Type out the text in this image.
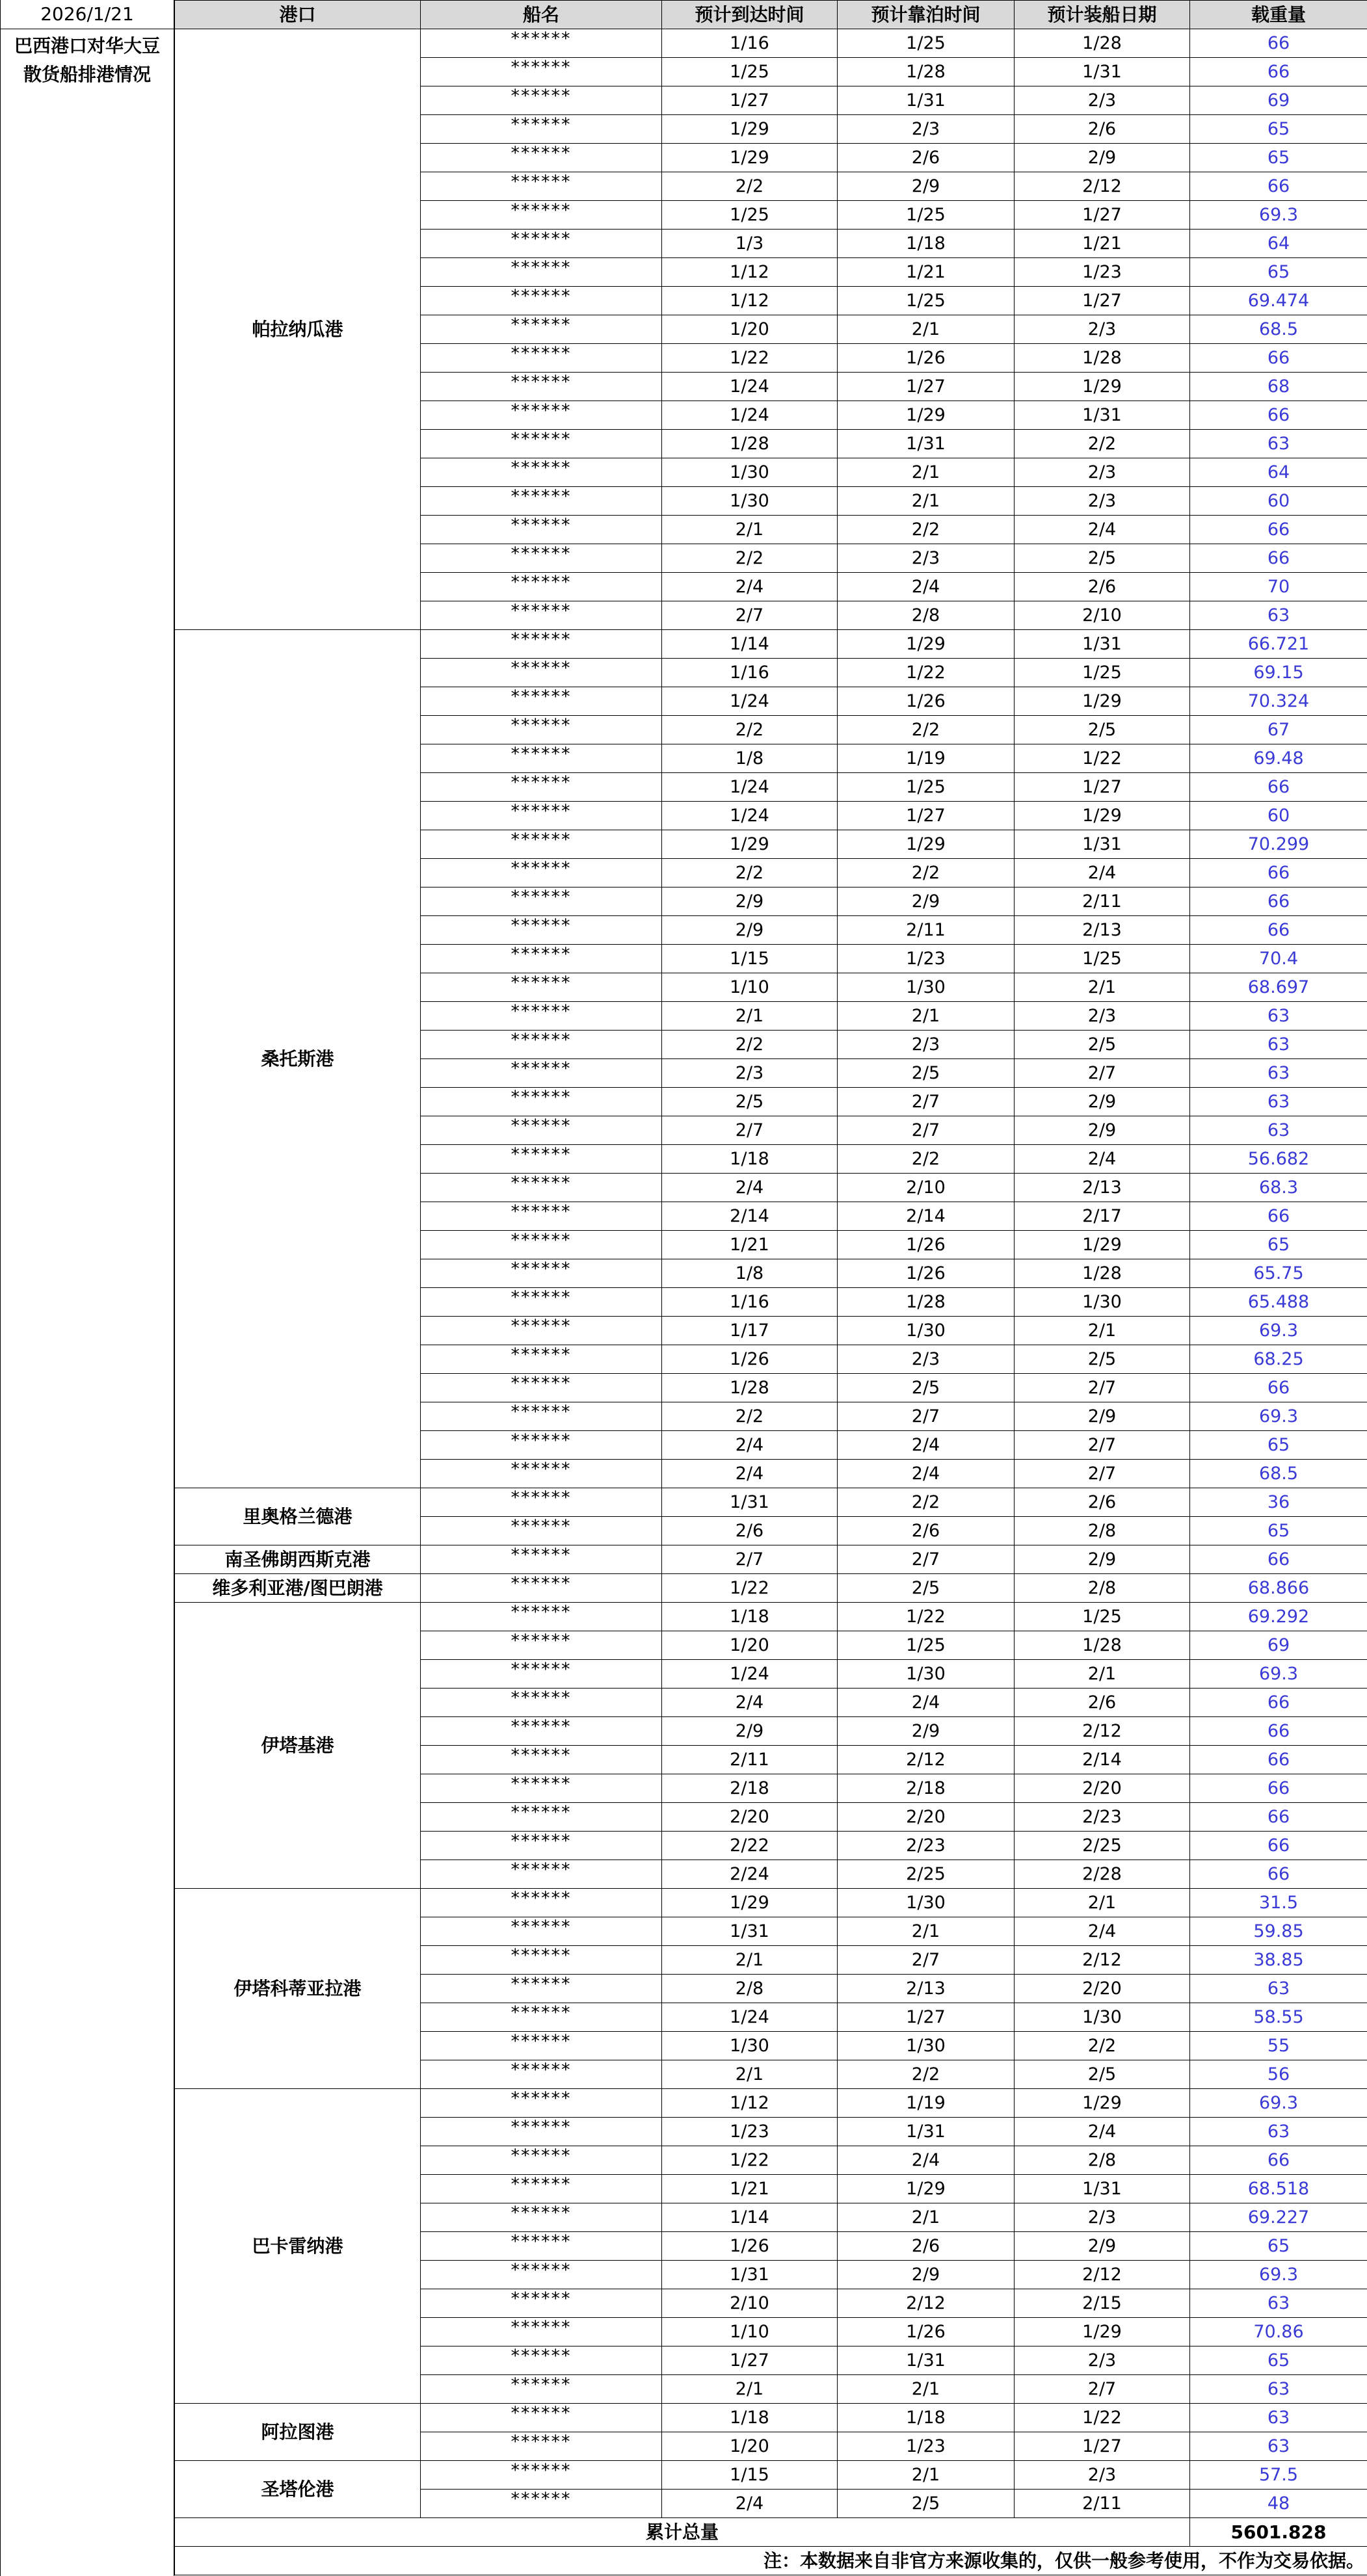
2026/1/21
巴西港口对华大豆
散货船排港情况
港口	船名	预计到达时间	预计靠泊时间	预计装船日期	载重量
帕拉纳瓜港	******	1/16	1/25	1/28	66
	******	1/25	1/28	1/31	66
	******	1/27	1/31	2/3	69
	******	1/29	2/3	2/6	65
	******	1/29	2/6	2/9	65
	******	2/2	2/9	2/12	66
	******	1/25	1/25	1/27	69.3
	******	1/3	1/18	1/21	64
	******	1/12	1/21	1/23	65
	******	1/12	1/25	1/27	69.474
	******	1/20	2/1	2/3	68.5
	******	1/22	1/26	1/28	66
	******	1/24	1/27	1/29	68
	******	1/24	1/29	1/31	66
	******	1/28	1/31	2/2	63
	******	1/30	2/1	2/3	64
	******	1/30	2/1	2/3	60
	******	2/1	2/2	2/4	66
	******	2/2	2/3	2/5	66
	******	2/4	2/4	2/6	70
	******	2/7	2/8	2/10	63
桑托斯港	******	1/14	1/29	1/31	66.721
	******	1/16	1/22	1/25	69.15
	******	1/24	1/26	1/29	70.324
	******	2/2	2/2	2/5	67
	******	1/8	1/19	1/22	69.48
	******	1/24	1/25	1/27	66
	******	1/24	1/27	1/29	60
	******	1/29	1/29	1/31	70.299
	******	2/2	2/2	2/4	66
	******	2/9	2/9	2/11	66
	******	2/9	2/11	2/13	66
	******	1/15	1/23	1/25	70.4
	******	1/10	1/30	2/1	68.697
	******	2/1	2/1	2/3	63
	******	2/2	2/3	2/5	63
	******	2/3	2/5	2/7	63
	******	2/5	2/7	2/9	63
	******	2/7	2/7	2/9	63
	******	1/18	2/2	2/4	56.682
	******	2/4	2/10	2/13	68.3
	******	2/14	2/14	2/17	66
	******	1/21	1/26	1/29	65
	******	1/8	1/26	1/28	65.75
	******	1/16	1/28	1/30	65.488
	******	1/17	1/30	2/1	69.3
	******	1/26	2/3	2/5	68.25
	******	1/28	2/5	2/7	66
	******	2/2	2/7	2/9	69.3
	******	2/4	2/4	2/7	65
	******	2/4	2/4	2/7	68.5
里奥格兰德港	******	1/31	2/2	2/6	36
	******	2/6	2/6	2/8	65
南圣佛朗西斯克港	******	2/7	2/7	2/9	66
维多利亚港/图巴朗港	******	1/22	2/5	2/8	68.866
伊塔基港	******	1/18	1/22	1/25	69.292
	******	1/20	1/25	1/28	69
	******	1/24	1/30	2/1	69.3
	******	2/4	2/4	2/6	66
	******	2/9	2/9	2/12	66
	******	2/11	2/12	2/14	66
	******	2/18	2/18	2/20	66
	******	2/20	2/20	2/23	66
	******	2/22	2/23	2/25	66
	******	2/24	2/25	2/28	66
伊塔科蒂亚拉港	******	1/29	1/30	2/1	31.5
	******	1/31	2/1	2/4	59.85
	******	2/1	2/7	2/12	38.85
	******	2/8	2/13	2/20	63
	******	1/24	1/27	1/30	58.55
	******	1/30	1/30	2/2	55
	******	2/1	2/2	2/5	56
巴卡雷纳港	******	1/12	1/19	1/29	69.3
	******	1/23	1/31	2/4	63
	******	1/22	2/4	2/8	66
	******	1/21	1/29	1/31	68.518
	******	1/14	2/1	2/3	69.227
	******	1/26	2/6	2/9	65
	******	1/31	2/9	2/12	69.3
	******	2/10	2/12	2/15	63
	******	1/10	1/26	1/29	70.86
	******	1/27	1/31	2/3	65
	******	2/1	2/1	2/7	63
阿拉图港	******	1/18	1/18	1/22	63
	******	1/20	1/23	1/27	63
圣塔伦港	******	1/15	2/1	2/3	57.5
	******	2/4	2/5	2/11	48
累计总量					5601.828
注：本数据来自非官方来源收集的，仅供一般参考使用，不作为交易依据。					
